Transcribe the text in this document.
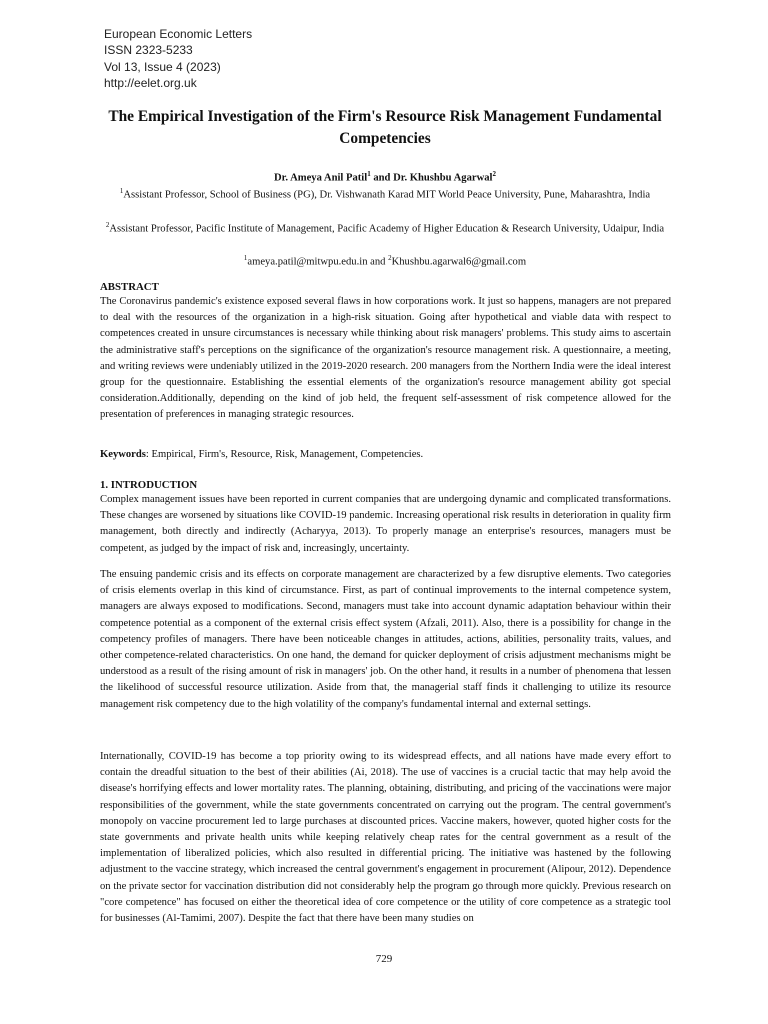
European Economic Letters
ISSN 2323-5233
Vol 13, Issue 4 (2023)
http://eelet.org.uk
The Empirical Investigation of the Firm's Resource Risk Management Fundamental Competencies
Dr. Ameya Anil Patil$^1$ and Dr. Khushbu Agarwal$^2$
$^1$Assistant Professor, School of Business (PG), Dr. Vishwanath Karad MIT World Peace University, Pune, Maharashtra, India
$^2$Assistant Professor, Pacific Institute of Management, Pacific Academy of Higher Education & Research University, Udaipur, India
$^1$ameya.patil@mitwpu.edu.in and $^2$Khushbu.agarwal6@gmail.com
ABSTRACT

The Coronavirus pandemic's existence exposed several flaws in how corporations work. It just so happens, managers are not prepared to deal with the resources of the organization in a high-risk situation. Going after hypothetical and viable data with respect to competences created in unsure circumstances is necessary while thinking about risk managers' problems. This study aims to ascertain the administrative staff's perceptions on the significance of the organization's resource management risk. A questionnaire, a meeting, and writing reviews were undeniably utilized in the 2019-2020 research. 200 managers from the Northern India were the ideal interest group for the questionnaire. Establishing the essential elements of the organization's resource management ability got special consideration.Additionally, depending on the kind of job held, the frequent self-assessment of risk competence allowed for the presentation of preferences in managing strategic resources.

Keywords: Empirical, Firm's, Resource, Risk, Management, Competencies.
1. INTRODUCTION

Complex management issues have been reported in current companies that are undergoing dynamic and complicated transformations. These changes are worsened by situations like COVID-19 pandemic. Increasing operational risk results in deterioration in quality firm management, both directly and indirectly (Acharyya, 2013). To properly manage an enterprise's resources, managers must be competent, as judged by the impact of risk and, increasingly, uncertainty.

The ensuing pandemic crisis and its effects on corporate management are characterized by a few disruptive elements. Two categories of crisis elements overlap in this kind of circumstance. First, as part of continual improvements to the internal competence system, managers are always exposed to modifications. Second, managers must take into account dynamic adaptation behaviour within their competence potential as a component of the external crisis effect system (Afzali, 2011). Also, there is a possibility for change in the competency profiles of managers. There have been noticeable changes in attitudes, actions, abilities, personality traits, values, and other competence-related characteristics. On one hand, the demand for quicker deployment of crisis adjustment mechanisms might be understood as a result of the rising amount of risk in managers' job. On the other hand, it results in a number of phenomena that lessen the likelihood of successful resource utilization. Aside from that, the managerial staff finds it challenging to utilize its resource management risk competency due to the high volatility of the company's fundamental internal and external settings.

Internationally, COVID-19 has become a top priority owing to its widespread effects, and all nations have made every effort to contain the dreadful situation to the best of their abilities (Ai, 2018). The use of vaccines is a crucial tactic that may help avoid the disease's horrifying effects and lower mortality rates. The planning, obtaining, distributing, and pricing of the vaccinations were major responsibilities of the government, while the state governments concentrated on carrying out the program. The central government's monopoly on vaccine procurement led to large purchases at discounted prices. Vaccine makers, however, quoted higher costs for the state governments and private health units while keeping relatively cheap rates for the central government as a result of the implementation of liberalized policies, which also resulted in differential pricing. The initiative was hastened by the following adjustment to the vaccine strategy, which increased the central government's engagement in procurement (Alipour, 2012). Dependence on the private sector for vaccination distribution did not considerably help the program go through more quickly. Previous research on "core competence" has focused on either the theoretical idea of core competence or the utility of core competence as a strategic tool for businesses (Al-Tamimi, 2007). Despite the fact that there have been many studies on

729
